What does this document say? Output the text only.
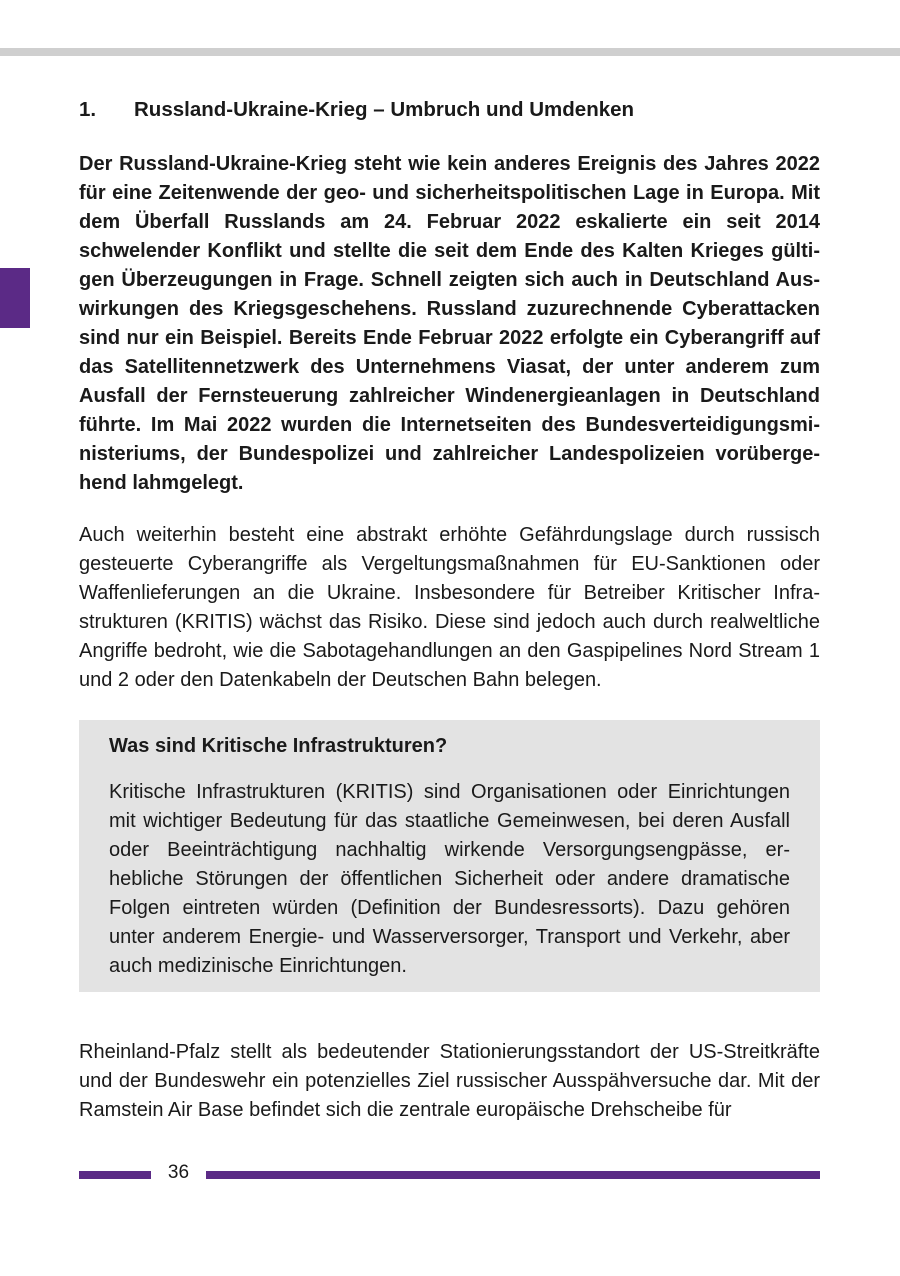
1. Russland-Ukraine-Krieg – Umbruch und Umdenken

Der Russland-Ukraine-Krieg steht wie kein anderes Ereignis des Jahres 2022 für eine Zeitenwende der geo- und sicherheitspolitischen Lage in Europa. Mit dem Überfall Russlands am 24. Februar 2022 eskalierte ein seit 2014 schwelender Konflikt und stellte die seit dem Ende des Kalten Krieges gültigen Überzeugungen in Frage. Schnell zeigten sich auch in Deutschland Auswirkungen des Kriegsgeschehens. Russland zuzurechnende Cyberattacken sind nur ein Beispiel. Bereits Ende Februar 2022 erfolgte ein Cyberangriff auf das Satellitennetzwerk des Unternehmens Viasat, der unter anderem zum Ausfall der Fernsteuerung zahlreicher Windenergieanlagen in Deutschland führte. Im Mai 2022 wurden die Internetseiten des Bundesverteidigungsministeriums, der Bundespolizei und zahlreicher Landespolizeien vorübergehend lahmgelegt.

Auch weiterhin besteht eine abstrakt erhöhte Gefährdungslage durch russisch gesteuerte Cyberangriffe als Vergeltungsmaßnahmen für EU-Sanktionen oder Waffenlieferungen an die Ukraine. Insbesondere für Betreiber Kritischer Infrastrukturen (KRITIS) wächst das Risiko. Diese sind jedoch auch durch realweltliche Angriffe bedroht, wie die Sabotagehandlungen an den Gaspipelines Nord Stream 1 und 2 oder den Datenkabeln der Deutschen Bahn belegen.

Was sind Kritische Infrastrukturen?

Kritische Infrastrukturen (KRITIS) sind Organisationen oder Einrichtungen mit wichtiger Bedeutung für das staatliche Gemeinwesen, bei deren Ausfall oder Beeinträchtigung nachhaltig wirkende Versorgungsengpässe, erhebliche Störungen der öffentlichen Sicherheit oder andere dramatische Folgen eintreten würden (Definition der Bundesressorts). Dazu gehören unter anderem Energie- und Wasserversorger, Transport und Verkehr, aber auch medizinische Einrichtungen.

Rheinland-Pfalz stellt als bedeutender Stationierungsstandort der US-Streitkräfte und der Bundeswehr ein potenzielles Ziel russischer Ausspähversuche dar. Mit der Ramstein Air Base befindet sich die zentrale europäische Drehscheibe für

36
